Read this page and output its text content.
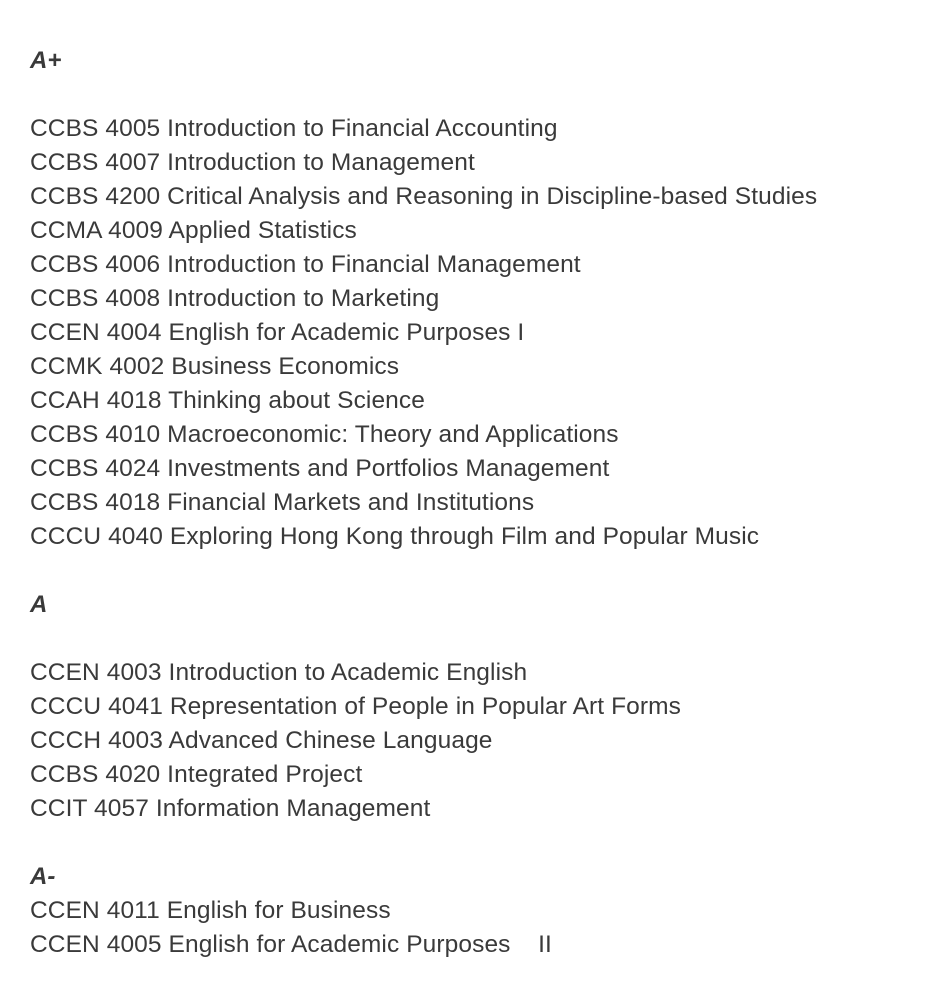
A+
CCBS 4005 Introduction to Financial Accounting
CCBS 4007 Introduction to Management
CCBS 4200 Critical Analysis and Reasoning in Discipline-based Studies
CCMA 4009 Applied Statistics
CCBS 4006 Introduction to Financial Management
CCBS 4008 Introduction to Marketing
CCEN 4004 English for Academic Purposes I
CCMK 4002 Business Economics
CCAH 4018 Thinking about Science
CCBS 4010 Macroeconomic: Theory and Applications
CCBS 4024 Investments and Portfolios Management
CCBS 4018 Financial Markets and Institutions
CCCU 4040 Exploring Hong Kong through Film and Popular Music
A
CCEN 4003 Introduction to Academic English
CCCU 4041 Representation of People in Popular Art Forms
CCCH 4003 Advanced Chinese Language
CCBS 4020 Integrated Project
CCIT 4057 Information Management
A-
CCEN 4011 English for Business
CCEN 4005 English for Academic Purposes    II
